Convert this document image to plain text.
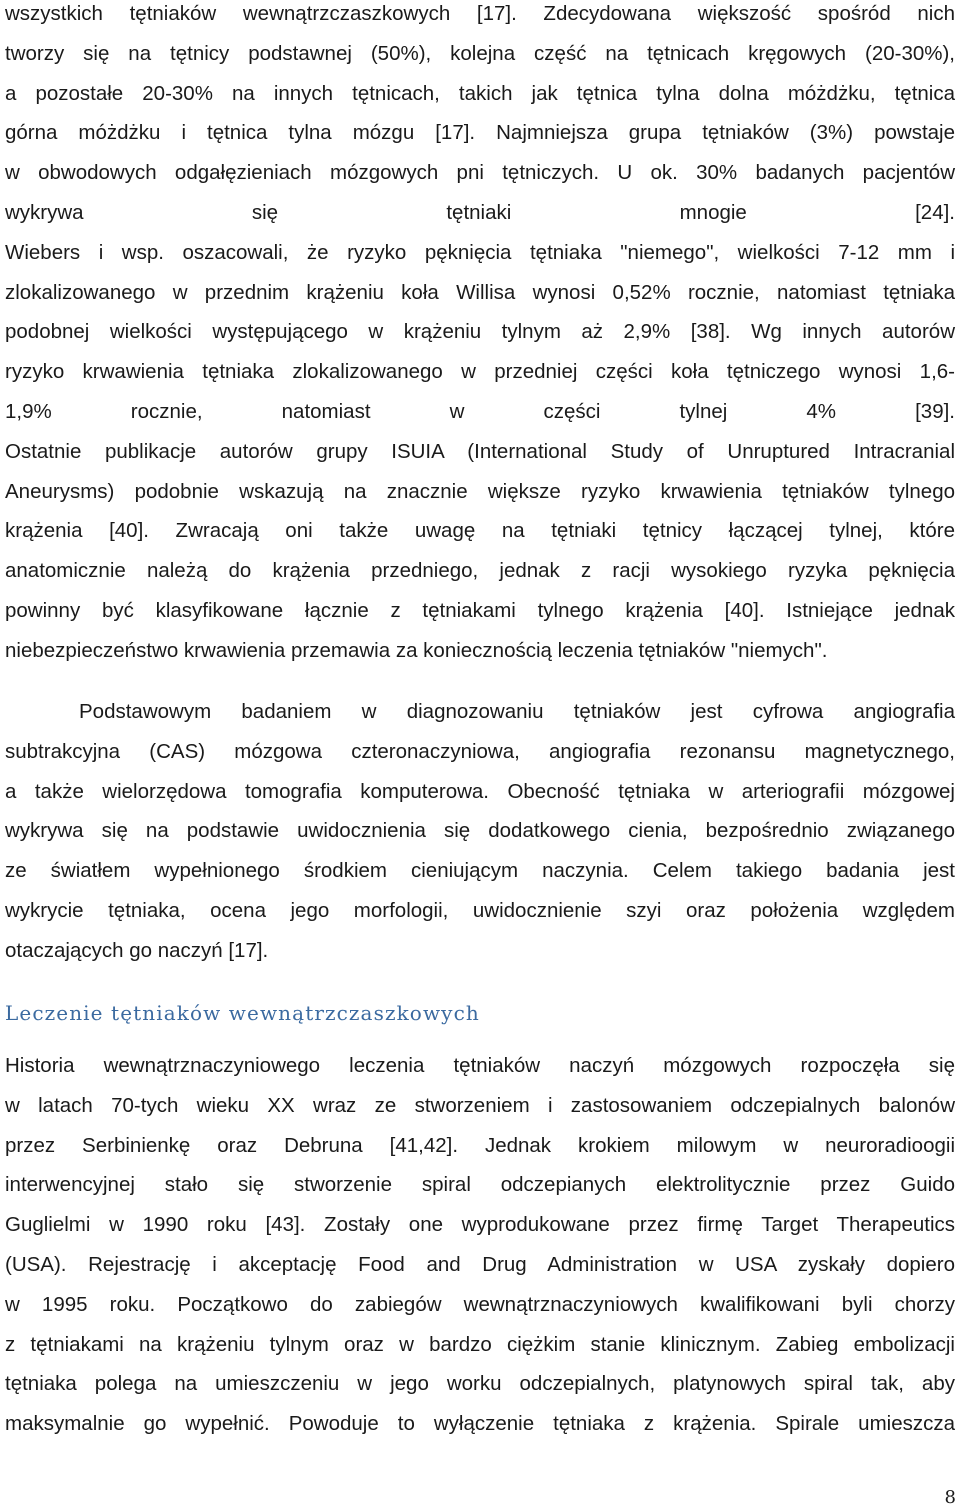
wszystkich tętniaków wewnątrzczaszkowych [17]. Zdecydowana większość spośród nich
tworzy się na tętnicy podstawnej (50%), kolejna część na tętnicach kręgowych (20-30%),
a pozostałe 20-30% na innych tętnicach, takich jak tętnica tylna dolna móżdżku, tętnica
górna móżdżku i tętnica tylna mózgu [17]. Najmniejsza grupa tętniaków (3%) powstaje
w obwodowych odgałęzieniach mózgowych pni tętniczych. U ok. 30% badanych pacjentów
wykrywa się tętniaki mnogie [24].
Wiebers i wsp. oszacowali, że ryzyko pęknięcia tętniaka "niemego", wielkości 7-12 mm i
zlokalizowanego w przednim krążeniu koła Willisa wynosi 0,52% rocznie, natomiast tętniaka
podobnej wielkości występującego w krążeniu tylnym aż 2,9% [38]. Wg innych autorów
ryzyko krwawienia tętniaka zlokalizowanego w przedniej części koła tętniczego wynosi 1,6-
1,9% rocznie, natomiast w części tylnej 4% [39].
Ostatnie publikacje autorów grupy ISUIA (International Study of Unruptured Intracranial
Aneurysms) podobnie wskazują na znacznie większe ryzyko krwawienia tętniaków tylnego
krążenia [40]. Zwracają oni także uwagę na tętniaki tętnicy łączącej tylnej, które
anatomicznie należą do krążenia przedniego, jednak z racji wysokiego ryzyka pęknięcia
powinny być klasyfikowane łącznie z tętniakami tylnego krążenia [40]. Istniejące jednak
niebezpieczeństwo krwawienia przemawia za koniecznością leczenia tętniaków "niemych".

Podstawowym badaniem w diagnozowaniu tętniaków jest cyfrowa angiografia
subtrakcyjna (CAS) mózgowa czteronaczyniowa, angiografia rezonansu magnetycznego,
a także wielorzędowa tomografia komputerowa. Obecność tętniaka w arteriografii mózgowej
wykrywa się na podstawie uwidocznienia się dodatkowego cienia, bezpośrednio związanego
ze światłem wypełnionego środkiem cieniującym naczynia. Celem takiego badania jest
wykrycie tętniaka, ocena jego morfologii, uwidocznienie szyi oraz położenia względem
otaczających go naczyń [17].

Leczenie tętniaków wewnątrzczaszkowych

Historia wewnątrznaczyniowego leczenia tętniaków naczyń mózgowych rozpoczęła się
w latach 70-tych wieku XX wraz ze stworzeniem i zastosowaniem odczepialnych balonów
przez Serbinienkę oraz Debruna [41,42]. Jednak krokiem milowym w neuroradioogii
interwencyjnej stało się stworzenie spiral odczepianych elektrolitycznie przez Guido
Guglielmi w 1990 roku [43]. Zostały one wyprodukowane przez firmę Target Therapeutics
(USA). Rejestrację i akceptację Food and Drug Administration w USA zyskały dopiero
w 1995 roku. Początkowo do zabiegów wewnątrznaczyniowych kwalifikowani byli chorzy
z tętniakami na krążeniu tylnym oraz w bardzo ciężkim stanie klinicznym. Zabieg embolizacji
tętniaka polega na umieszczeniu w jego worku odczepialnych, platynowych spiral tak, aby
maksymalnie go wypełnić. Powoduje to wyłączenie tętniaka z krążenia. Spirale umieszcza

8
